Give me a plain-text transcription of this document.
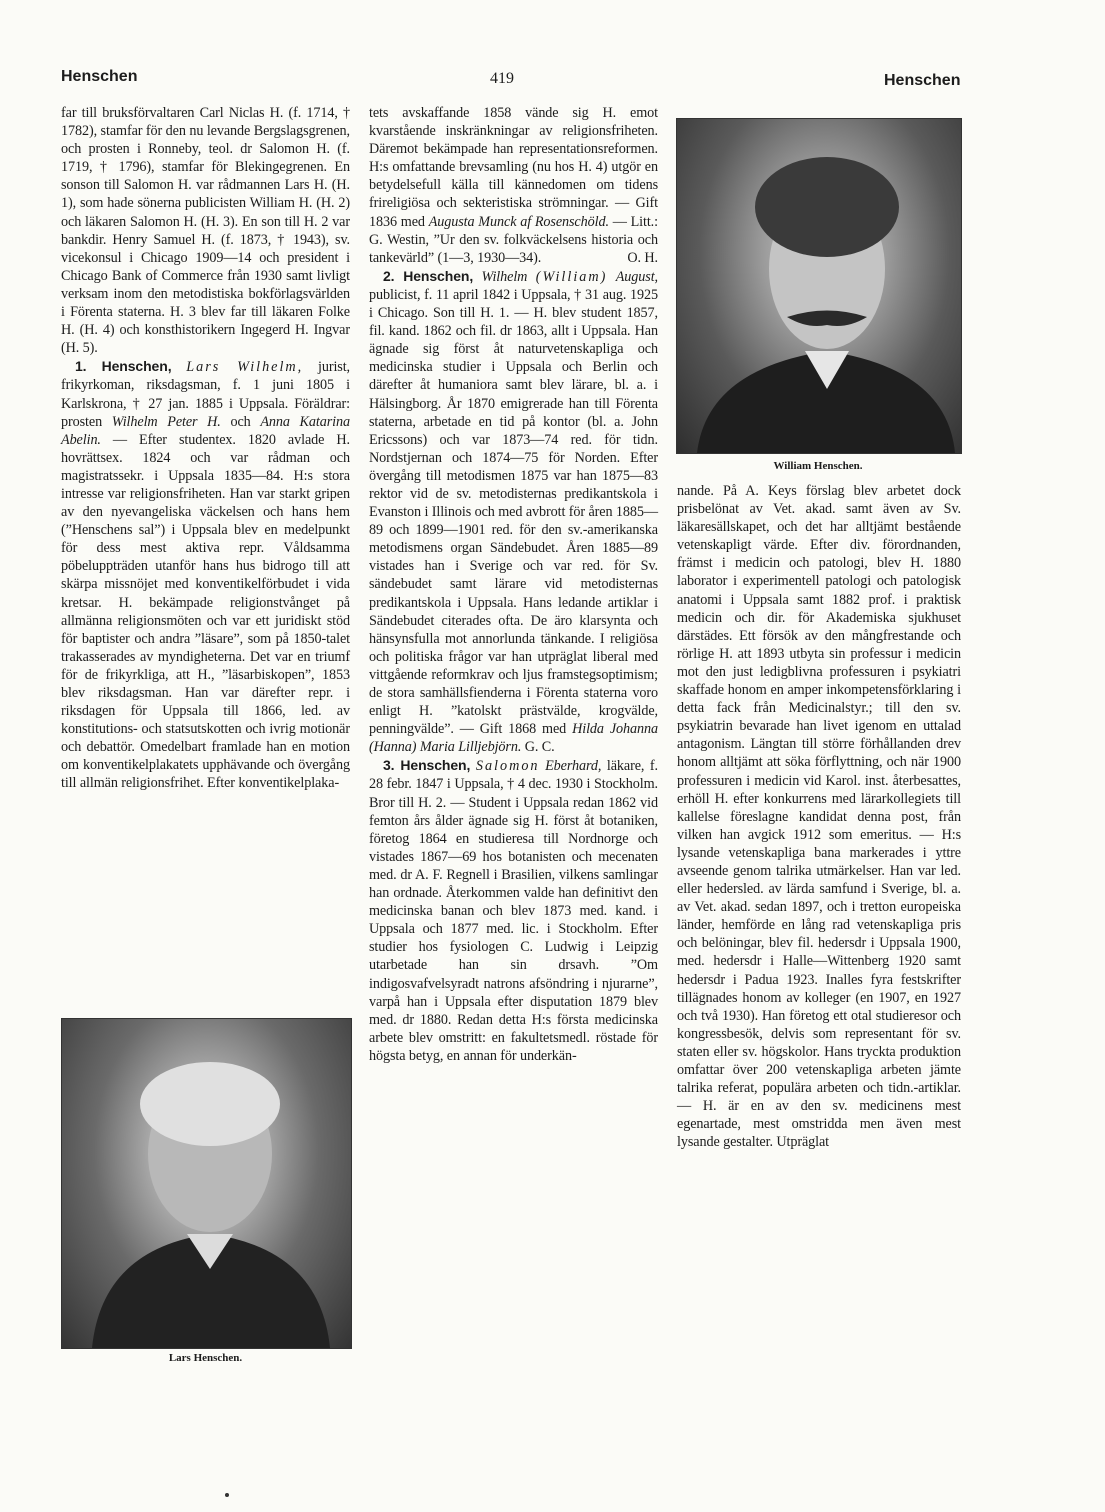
Henschen	419	Henschen

far till bruksförvaltaren Carl Niclas H. (f. 1714, † 1782), stamfar för den nu levande Bergslagsgrenen, och prosten i Ronneby, teol. dr Salomon H. (f. 1719, † 1796), stamfar för Blekingegrenen. En sonson till Salomon H. var rådmannen Lars H. (H. 1), som hade sönerna publicisten William H. (H. 2) och läkaren Salomon H. (H. 3). En son till H. 2 var bankdir. Henry Samuel H. (f. 1873, † 1943), sv. vicekonsul i Chicago 1909—14 och president i Chicago Bank of Commerce från 1930 samt livligt verksam inom den metodistiska bokförlagsvärlden i Förenta staterna. H. 3 blev far till läkaren Folke H. (H. 4) och konsthistorikern Ingegerd H. Ingvar (H. 5).

1. Henschen, Lars Wilhelm, jurist, frikyrkoman, riksdagsman, f. 1 juni 1805 i Karlskrona, † 27 jan. 1885 i Uppsala. Föräldrar: prosten Wilhelm Peter H. och Anna Katarina Abelin. — Efter studentex. 1820 avlade H. hovrättsex. 1824 och var rådman och magistratssekr. i Uppsala 1835—84. H:s stora intresse var religionsfriheten. Han var starkt gripen av den nyevangeliska väckelsen och hans hem (”Henschens sal”) i Uppsala blev en medelpunkt för dess mest aktiva repr. Våldsamma pöbeluppträden utanför hans hus bidrogo till att skärpa missnöjet med konventikelförbudet i vida kretsar. H. bekämpade religionstvånget på allmänna religionsmöten och var ett juridiskt stöd för baptister och andra ”läsare”, som på 1850-talet trakasserades av myndigheterna. Det var en triumf för de frikyrkliga, att H., ”läsarbiskopen”, 1853 blev riksdagsman. Han var därefter repr. i riksdagen för Uppsala till 1866, led. av konstitutions- och statsutskotten och ivrig motionär och debattör. Omedelbart framlade han en motion om konventikelplakatets upphävande och övergång till allmän religionsfrihet. Efter konventikelplaka-

Lars Henschen.

tets avskaffande 1858 vände sig H. emot kvarstående inskränkningar av religionsfriheten. Däremot bekämpade han representationsreformen. H:s omfattande brevsamling (nu hos H. 4) utgör en betydelsefull källa till kännedomen om tidens frireligiösa och sekteristiska strömningar. — Gift 1836 med Augusta Munck af Rosenschöld. — Litt.: G. Westin, ”Ur den sv. folkväckelsens historia och tankevärld” (1—3, 1930—34).	O. H.

2. Henschen, Wilhelm (William) August, publicist, f. 11 april 1842 i Uppsala, † 31 aug. 1925 i Chicago. Son till H. 1. — H. blev student 1857, fil. kand. 1862 och fil. dr 1863, allt i Uppsala. Han ägnade sig först åt naturvetenskapliga och medicinska studier i Uppsala och Berlin och därefter åt humaniora samt blev lärare, bl. a. i Hälsingborg. År 1870 emigrerade han till Förenta staterna, arbetade en tid på kontor (bl. a. John Ericssons) och var 1873—74 red. för tidn. Nordstjernan och 1874—75 för Norden. Efter övergång till metodismen 1875 var han 1875—83 rektor vid de sv. metodisternas predikantskola i Evanston i Illinois och med avbrott för åren 1885—89 och 1899—1901 red. för den sv.-amerikanska metodismens organ Sändebudet. Åren 1885—89 vistades han i Sverige och var red. för Sv. sändebudet samt lärare vid metodisternas predikantskola i Uppsala. Hans ledande artiklar i Sändebudet citerades ofta. De äro klarsynta och hänsynsfulla mot annorlunda tänkande. I religiösa och politiska frågor var han utpräglat liberal med vittgående reformkrav och ljus framstegsoptimism; de stora samhällsfienderna i Förenta staterna voro enligt H. ”katolskt prästvälde, krogvälde, penningvälde”. — Gift 1868 med Hilda Johanna (Hanna) Maria Lilljebjörn. G. C.

3. Henschen, Salomon Eberhard, läkare, f. 28 febr. 1847 i Uppsala, † 4 dec. 1930 i Stockholm. Bror till H. 2. — Student i Uppsala redan 1862 vid femton års ålder ägnade sig H. först åt botaniken, företog 1864 en studieresa till Nordnorge och vistades 1867—69 hos botanisten och mecenaten med. dr A. F. Regnell i Brasilien, vilkens samlingar han ordnade. Återkommen valde han definitivt den medicinska banan och blev 1873 med. kand. i Uppsala och 1877 med. lic. i Stockholm. Efter studier hos fysiologen C. Ludwig i Leipzig utarbetade han sin drsavh. ”Om indigosvafvelsyradt natrons afsöndring i njurarne”, varpå han i Uppsala efter disputation 1879 blev med. dr 1880. Redan detta H:s första medicinska arbete blev omstritt: en fakultetsmedl. röstade för högsta betyg, en annan för underkän-

William Henschen.

nande. På A. Keys förslag blev arbetet dock prisbelönat av Vet. akad. samt även av Sv. läkaresällskapet, och det har alltjämt bestående vetenskapligt värde. Efter div. förordnanden, främst i medicin och patologi, blev H. 1880 laborator i experimentell patologi och patologisk anatomi i Uppsala samt 1882 prof. i praktisk medicin och dir. för Akademiska sjukhuset därstädes. Ett försök av den mångfrestande och rörlige H. att 1893 utbyta sin professur i medicin mot den just ledigblivna professuren i psykiatri skaffade honom en amper inkompetensförklaring i detta fack från Medicinalstyr.; till den sv. psykiatrin bevarade han livet igenom en uttalad antagonism. Längtan till större förhållanden drev honom alltjämt att söka förflyttning, och när 1900 professuren i medicin vid Karol. inst. återbesattes, erhöll H. efter konkurrens med lärarkollegiets till kallelse föreslagne kandidat denna post, från vilken han avgick 1912 som emeritus. — H:s lysande vetenskapliga bana markerades i yttre avseende genom talrika utmärkelser. Han var led. eller hedersled. av lärda samfund i Sverige, bl. a. av Vet. akad. sedan 1897, och i tretton europeiska länder, hemförde en lång rad vetenskapliga pris och belöningar, blev fil. hedersdr i Uppsala 1900, med. hedersdr i Halle—Wittenberg 1920 samt hedersdr i Padua 1923. Inalles fyra festskrifter tillägnades honom av kolleger (en 1907, en 1927 och två 1930). Han företog ett otal studieresor och kongressbesök, delvis som representant för sv. staten eller sv. högskolor. Hans tryckta produktion omfattar över 200 vetenskapliga arbeten jämte talrika referat, populära arbeten och tidn.-artiklar. — H. är en av den sv. medicinens mest egenartade, mest omstridda men även mest lysande gestalter. Utpräglat
